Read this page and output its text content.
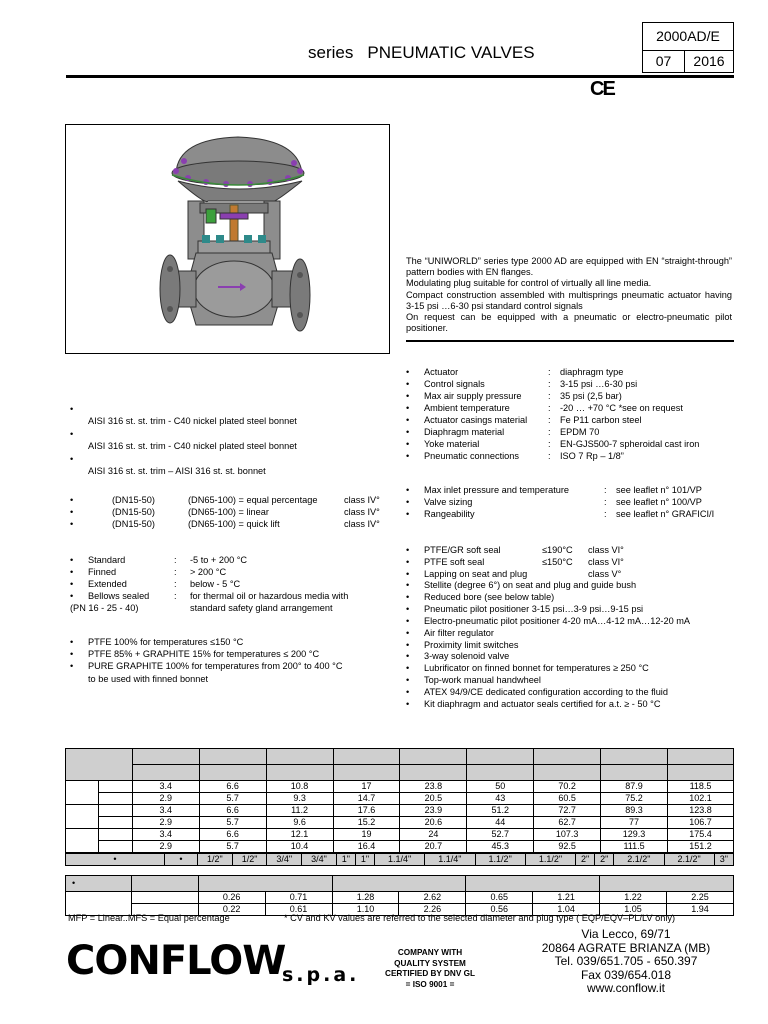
series PNEUMATIC VALVES
2000AD/E
07	2016
CE

The “UNIWORLD” series type 2000 AD are equipped with EN “straight-through” pattern bodies with EN flanges.

Modulating plug suitable for control of virtually all line media.

Compact construction assembled with multisprings pneumatic actuator having 3-15 psi …6-30 psi standard control signals

On request can be equipped with a pneumatic or electro-pneumatic pilot positioner.

•
AISI 316 st. st. trim - C40 nickel plated steel bonnet
•
AISI 316 st. st. trim - C40 nickel plated steel bonnet
•
AISI 316 st. st. trim – AISI 316 st. st. bonnet
•	(DN15-50)	(DN65-100) = equal percentage	class IV°
•	(DN15-50)	(DN65-100) = linear	class IV°
•	(DN15-50)	(DN65-100) = quick lift	class IV°
•	Standard	:	-5 to + 200 °C
•	Finned	:	> 200 °C
•	Extended	:	below - 5 °C
•	Bellows sealed	:	for thermal oil or hazardous media with
(PN 16 - 25 - 40)	standard safety gland arrangement
• PTFE 100% for temperatures ≤150 °C
• PTFE 85% + GRAPHITE 15% for temperatures ≤ 200 °C
• PURE GRAPHITE 100% for temperatures from 200° to 400 °C
to be used with finned bonnet
•	Actuator	:	diaphragm type
•	Control signals	:	3-15 psi …6-30 psi
•	Max air supply pressure	:	35 psi (2,5 bar)
•	Ambient temperature	:	-20 … +70 °C *see on request
•	Actuator casings material	:	Fe P11 carbon steel
•	Diaphragm material	:	EPDM 70
•	Yoke material	:	EN-GJS500-7 spheroidal cast iron
•	Pneumatic connections	:	ISO 7 Rp – 1/8”
•	Max inlet pressure and temperature	:	see leaflet n° 101/VP
•	Valve sizing	:	see leaflet n° 100/VP
•	Rangeability	:	see leaflet n° GRAFICI/I
•	PTFE/GR soft seal	≤190°C	class VI°
•	PTFE soft seal	≤150°C	class VI°
•	Lapping on seat and plug	class V°
• Stellite (degree 6°) on seat and plug and guide bush
• Reduced bore (see below table)
• Pneumatic pilot positioner 3-15 psi…3-9 psi…9-15 psi
• Electro-pneumatic pilot positioner 4-20 mA…4-12 mA…12-20 mA
• Air filter regulator
• Proximity limit switches
• 3-way solenoid valve
• Lubrificator on finned bonnet for temperatures ≥ 250 °C
• Top-work manual handwheel
• ATEX 94/9/CE dedicated configuration according to the fluid
• Kit diaphragm and actuator seals certified for a.t. ≥ - 50 °C

		3.4	6.6	10.8	17	23.8	50	70.2	87.9	118.5
		2.9	5.7	9.3	14.7	20.5	43	60.5	75.2	102.1
		3.4	6.6	11.2	17.6	23.9	51.2	72.7	89.3	123.8
		2.9	5.7	9.6	15.2	20.6	44	62.7	77	106.7
		3.4	6.6	12.1	19	24	52.7	107.3	129.3	175.4
		2.9	5.7	10.4	16.4	20.7	45.3	92.5	111.5	151.2
•	•	1/2"	1/2"	3/4"	3/4"	1"	1"	1.1/4"	1.1/4"	1.1/2"	1.1/2"	2"	2"	2.1/2"	2.1/2"	3"
•									
		0.26	0.71	1.28	2.62	0.65	1.21	1.22	2.25
		0.22	0.61	1.10	2.26	0.56	1.04	1.05	1.94
MFP = Linear..MFS = Equal percentage	* CV and KV values are referred to the selected diameter and plug type ( EQP/EQV–PL/LV only)
CONFLOW
s.p.a.
COMPANY WITH
QUALITY SYSTEM
CERTIFIED BY DNV GL
= ISO 9001 =
Via Lecco, 69/71
20864 AGRATE BRIANZA (MB)
Tel. 039/651.705 - 650.397
Fax 039/654.018
www.conflow.it
